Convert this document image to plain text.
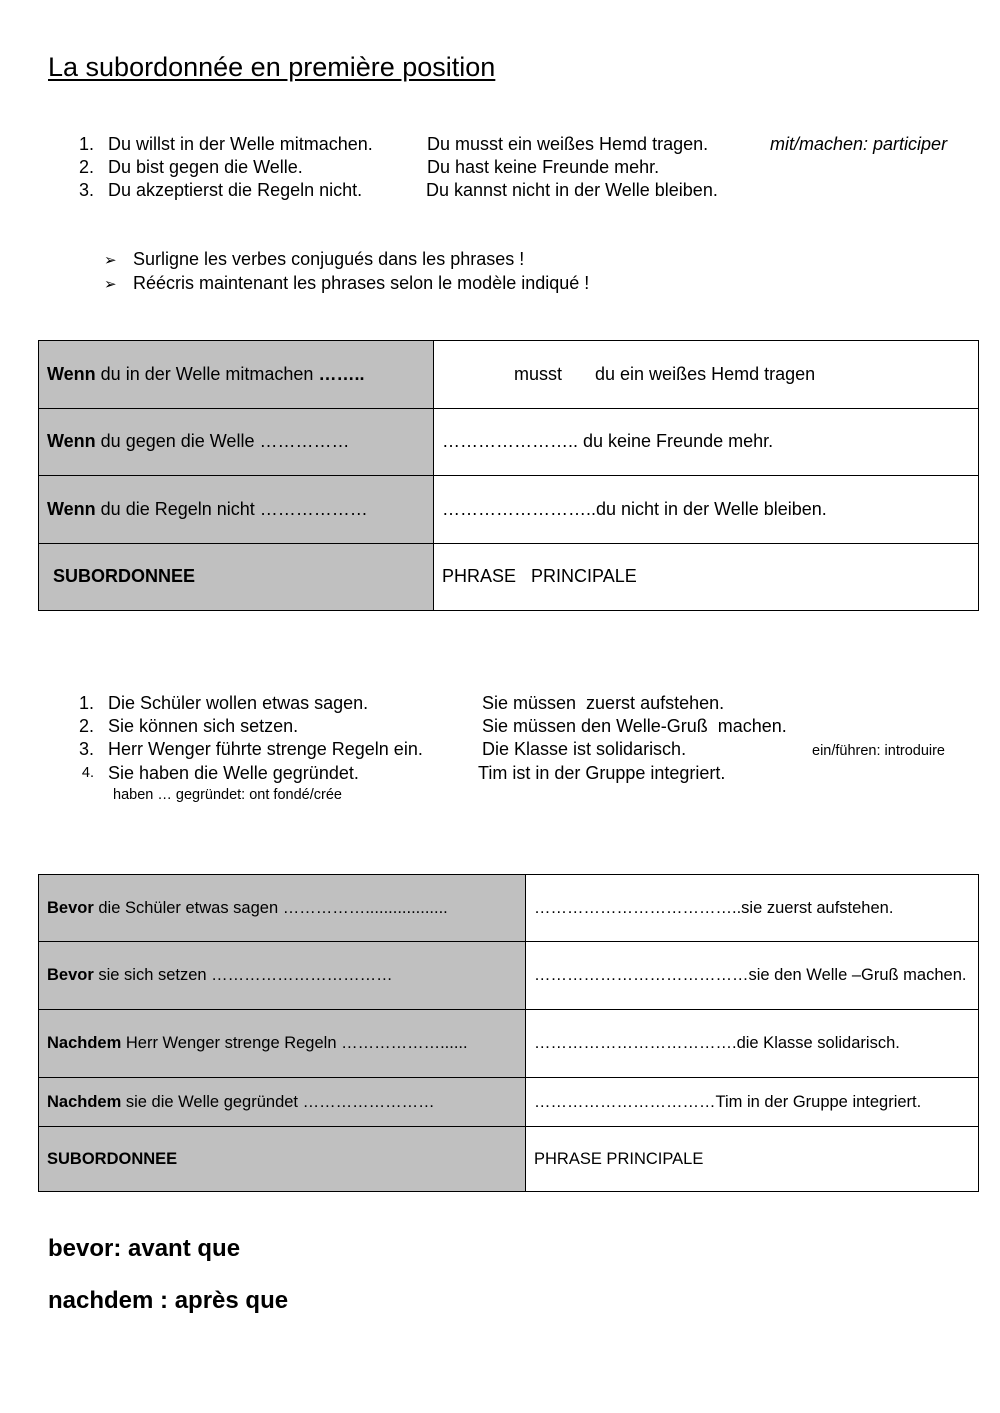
La subordonnée en première position
1. Du willst in der Welle mitmachen.	Du musst ein weißes Hemd tragen.	mit/machen: participer
2. Du bist gegen die Welle.	Du hast keine Freunde mehr.
3. Du akzeptierst die Regeln nicht.	Du kannst nicht in der Welle bleiben.
➢ Surligne les verbes conjugués dans les phrases !
➢ Réécris maintenant les phrases selon le modèle indiqué !
Wenn du in der Welle mitmachen ……..	musst du ein weißes Hemd tragen
Wenn du gegen die Welle ……………	………………….. du keine Freunde mehr.
Wenn du die Regeln nicht ………………	……………………..du nicht in der Welle bleiben.
SUBORDONNEE	PHRASE   PRINCIPALE
1. Die Schüler wollen etwas sagen.	Sie müssen  zuerst aufstehen.
2. Sie können sich setzen.	Sie müssen den Welle-Gruß  machen.
3. Herr Wenger führte strenge Regeln ein.	Die Klasse ist solidarisch.	ein/führen: introduire
4. Sie haben die Welle gegründet.	Tim ist in der Gruppe integriert.
haben … gegründet: ont fondé/crée
Bevor die Schüler etwas sagen ……………..................	………………………………..sie zuerst aufstehen.
Bevor sie sich setzen ……………………………	…………………………………sie den Welle –Gruß machen.
Nachdem Herr Wenger strenge Regeln ………………......	……………………………….die Klasse solidarisch.
Nachdem sie die Welle gegründet ……………………	……………………………Tim in der Gruppe integriert.
SUBORDONNEE	PHRASE PRINCIPALE
bevor: avant que
nachdem : après que
